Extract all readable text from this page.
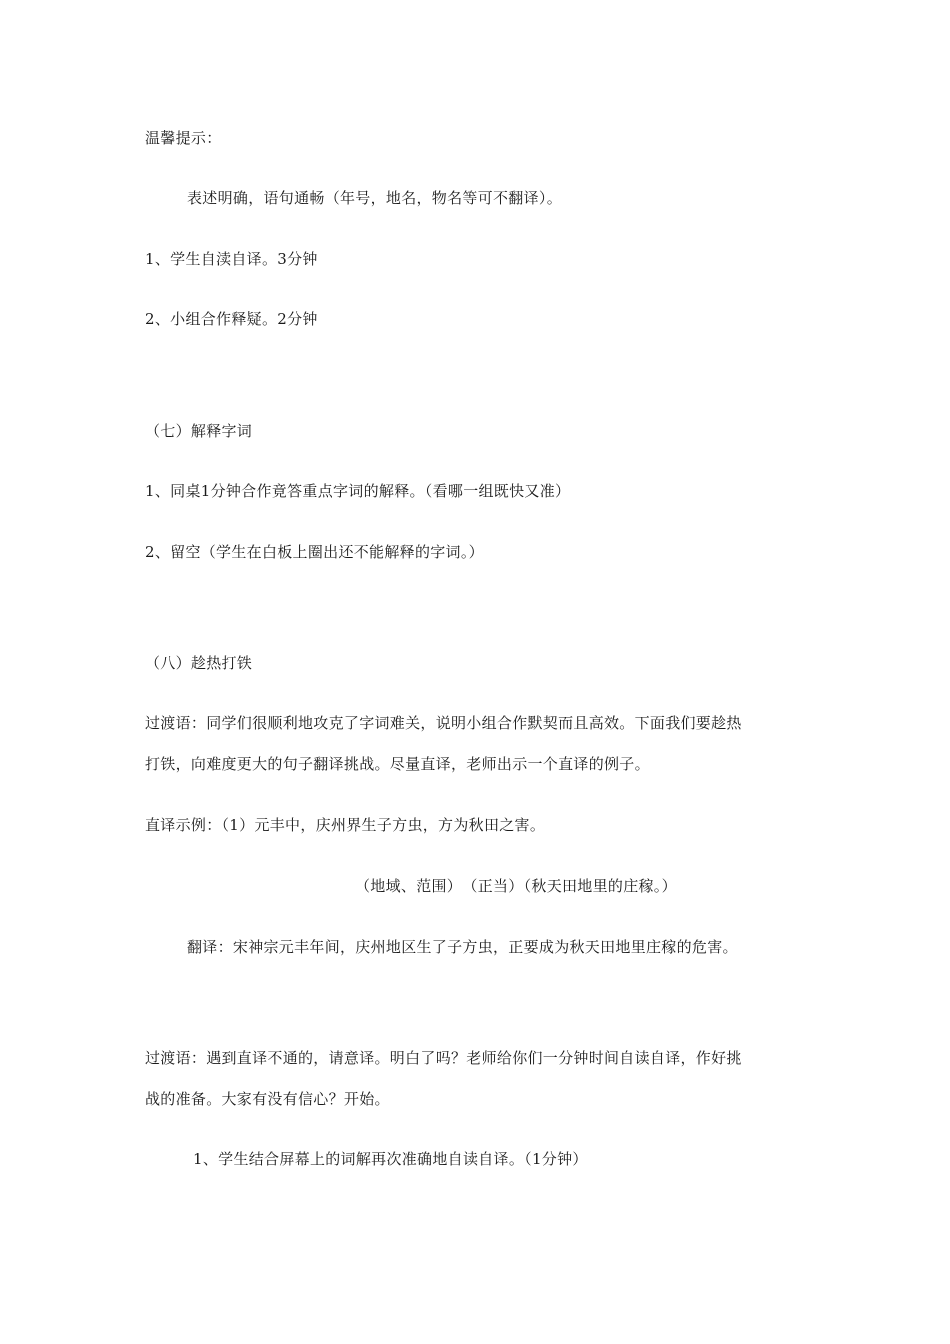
温馨提示：
表述明确，语句通畅（年号，地名，物名等可不翻译）。
1、学生自渎自译。3分钟
2、小组合作释疑。2分钟
（七）解释字词
1、同桌1分钟合作竟答重点字词的解释。（看哪一组既快又准）
2、留空（学生在白板上圈出还不能解释的字词。）
（八）趁热打铁
过渡语：同学们很顺利地攻克了字词难关，说明小组合作默契而且高效。下面我们要趁热
打铁，向难度更大的句子翻译挑战。尽量直译，老师出示一个直译的例子。
直译示例：（1）元丰中，庆州界生子方虫，方为秋田之害。
（地域、范围）　（正当）（秋天田地里的庄稼。）
翻译：宋神宗元丰年间，庆州地区生了子方虫，正要成为秋天田地里庄稼的危害。
过渡语：遇到直译不通的，请意译。明白了吗？老师给你们一分钟时间自读自译，作好挑
战的准备。大家有没有信心？开始。
1、学生结合屏幕上的词解再次准确地自读自译。（1分钟）
